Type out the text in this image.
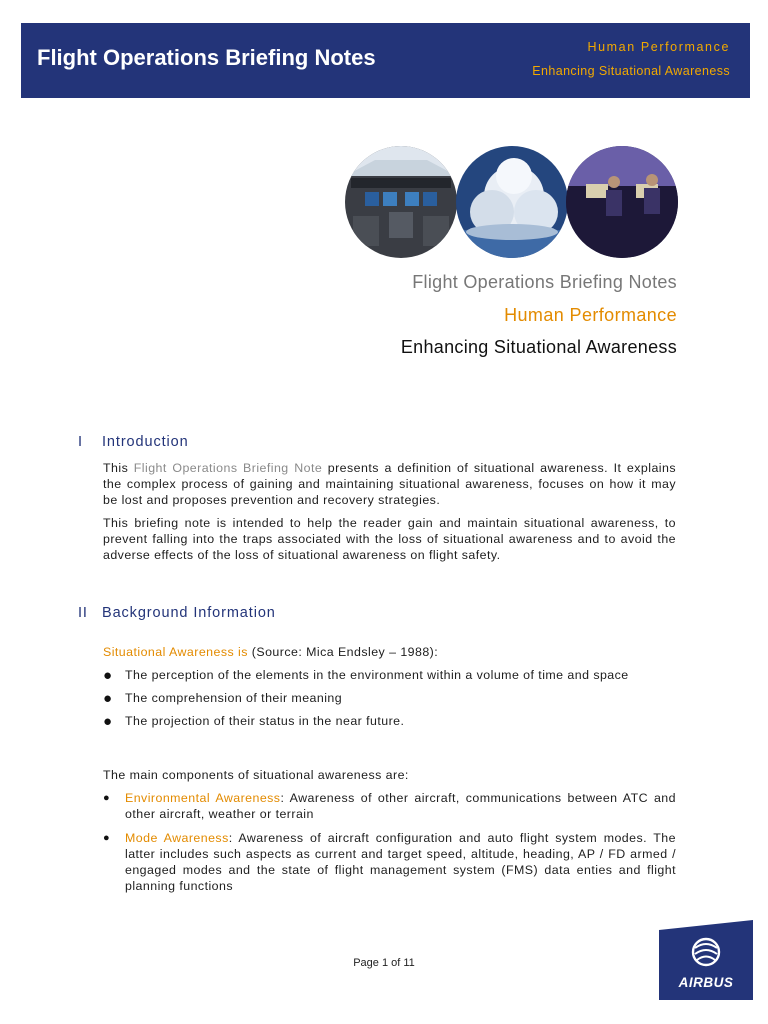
Flight Operations Briefing Notes	Human Performance
Enhancing Situational Awareness
Flight Operations Briefing Notes
Human Performance
Enhancing Situational Awareness
I Introduction

This Flight Operations Briefing Note presents a definition of situational awareness. It explains the complex process of gaining and maintaining situational awareness, focuses on how it may be lost and proposes prevention and recovery strategies.

This briefing note is intended to help the reader gain and maintain situational awareness, to prevent falling into the traps associated with the loss of situational awareness and to avoid the adverse effects of the loss of situational awareness on flight safety.

II Background Information

Situational Awareness is (Source: Mica Endsley – 1988):

● The perception of the elements in the environment within a volume of time and space
● The comprehension of their meaning
● The projection of their status in the near future.

The main components of situational awareness are:

● Environmental Awareness: Awareness of other aircraft, communications between ATC and other aircraft, weather or terrain
● Mode Awareness: Awareness of aircraft configuration and auto flight system modes. The latter includes such aspects as current and target speed, altitude, heading, AP / FD armed / engaged modes and the state of flight management system (FMS) data enties and flight planning functions
Page 1 of 11
AIRBUS
